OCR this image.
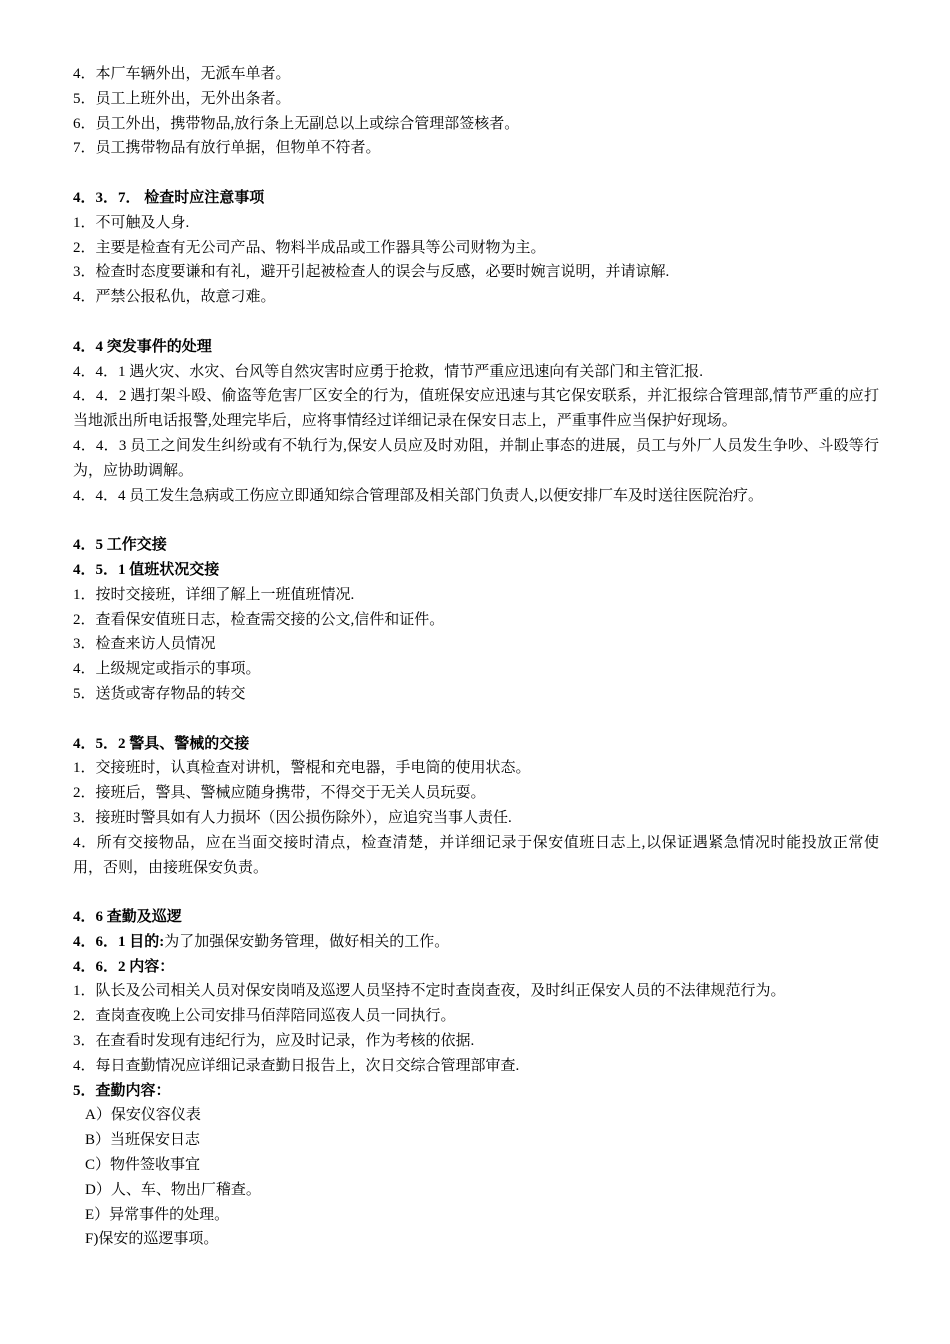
4．本厂车辆外出，无派车单者。
5．员工上班外出，无外出条者。
6．员工外出，携带物品,放行条上无副总以上或综合管理部签核者。
7．员工携带物品有放行单据，但物单不符者。
4．3．7． 检查时应注意事项
1．不可触及人身.
2．主要是检查有无公司产品、物料半成品或工作器具等公司财物为主。
3．检查时态度要谦和有礼，避开引起被检查人的误会与反感，必要时婉言说明，并请谅解.
4．严禁公报私仇，故意刁难。
4．4 突发事件的处理
4．4．1 遇火灾、水灾、台风等自然灾害时应勇于抢救，情节严重应迅速向有关部门和主管汇报.
4．4．2 遇打架斗殴、偷盗等危害厂区安全的行为，值班保安应迅速与其它保安联系，并汇报综合管理部,情节严重的应打当地派出所电话报警,处理完毕后，应将事情经过详细记录在保安日志上，严重事件应当保护好现场。
4．4．3 员工之间发生纠纷或有不轨行为,保安人员应及时劝阻，并制止事态的进展，员工与外厂人员发生争吵、斗殴等行为，应协助调解。
4．4．4 员工发生急病或工伤应立即通知综合管理部及相关部门负责人,以便安排厂车及时送往医院治疗。
4．5 工作交接
4．5．1 值班状况交接
1．按时交接班，详细了解上一班值班情况.
2．查看保安值班日志，检查需交接的公文,信件和证件。
3．检查来访人员情况
4．上级规定或指示的事项。
5．送货或寄存物品的转交
4．5．2 警具、警械的交接
1．交接班时，认真检查对讲机，警棍和充电器，手电筒的使用状态。
2．接班后，警具、警械应随身携带，不得交于无关人员玩耍。
3．接班时警具如有人力损坏（因公损伤除外），应追究当事人责任.
4．所有交接物品，应在当面交接时清点，检查清楚，并详细记录于保安值班日志上,以保证遇紧急情况时能投放正常使用，否则，由接班保安负责。
4．6 查勤及巡逻
4．6．1 目的:为了加强保安勤务管理，做好相关的工作。
4．6．2 内容：
1．队长及公司相关人员对保安岗哨及巡逻人员坚持不定时查岗查夜，及时纠正保安人员的不法律规范行为。
2．查岗查夜晚上公司安排马佰萍陪同巡夜人员一同执行。
3．在查看时发现有违纪行为，应及时记录，作为考核的依据.
4．每日查勤情况应详细记录查勤日报告上，次日交综合管理部审查.
5．查勤内容：
A）保安仪容仪表
B）当班保安日志
C）物件签收事宜
D）人、车、物出厂稽查。
E）异常事件的处理。
F)保安的巡逻事项。
